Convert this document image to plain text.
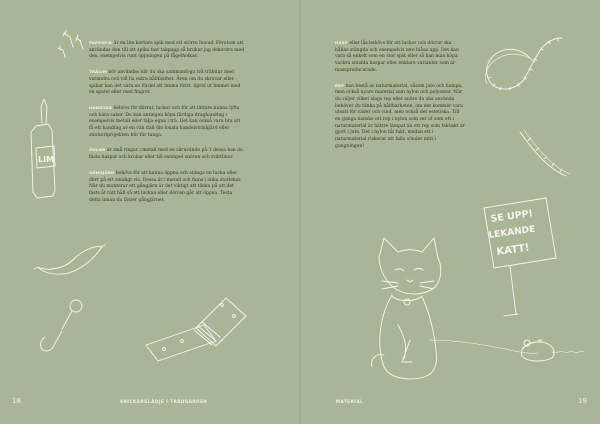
LIM
SE UPP!
LEKANDE
KATT!

PAPPSPIK är en lite kortare spik med ett större huvud. Förutom att användas den till att spika fast takpapp så brukar jag dekorera med den, exempelvis runt öppningen på fågelholkar.

TRÄLIM bör användas när du ska sammanfoga två träbitar med varandra och vill ha extra hållfasthet. Även om du skruvar eller spikar kan det vara en fördel att limma först. Sprid ut limmet med en spatel eller med fingret.

HANDTAG behövs för dörrar, luckor och för att lättare kunna lyfta och bära saker. Du kan antingen köpa färdiga draghandtag i exempelvis metall eller tälja egna i trä. Det kan också vara bra att få ett handtag av en vän ifall din lokala handelsträdgård eller snickeriprojekten blir för tunga.

ÖGLOR är små ringar i metall med en skruvände på. I dessa kan du fästa haspar och krokar eller till exempel snören och tvättlinor.

GÅNGJÄRN behövs för att kunna öppna och stänga en lucka eller dörr på ett smidigt vis. Dessa är i metall och finns i olika storlekar. När du monterar ett gångjärn är det viktigt att tänka på att det fästs åt rätt håll så att luckan eller dörren går att öppna. Testa detta innan du fäster gångjärnet.

HASP eller lås behövs för att luckor och dörrar ska hållas stängda och exempelvis inte blåsa upp. Det kan vara så enkelt som en stor spik eller så kan man köpa vackra smidda haspar eller enklare varianter som är massproducerade.

REP kan bestå av naturmaterial, såsom jute och hampa, men också nyare material som nylon och polyester. När du väljer vilket slags rep eller snöre du ska använda behöver du tänka på hållbarheten, om det kommer vara utsatt för väder och vind, men också det estetiska. Till en gunga kanske ett rep i nylon som ser ut som ett i naturmaterial är bättre lämpat än ett rep som faktiskt är gjort i jute. Det i nylon tål fukt, medan ett i naturmaterial riskerar att falla sönder mitt i gungningen!

18	SNICKARGLÄDJE I TRÄDGÅRDEN	MATERIAL	19
